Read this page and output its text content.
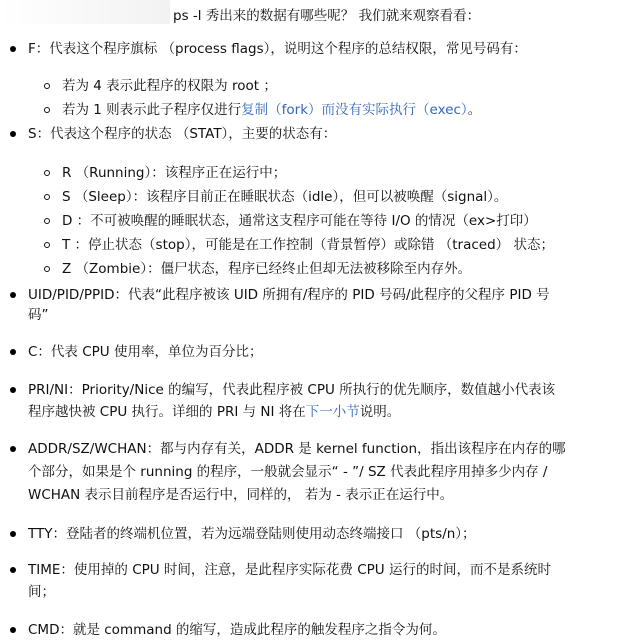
ps -l 秀出来的数据有哪些呢？ 我们就来观察看看：
F：代表这个程序旗标 （process flags），说明这个程序的总结权限，常见号码有：
若为 4 表示此程序的权限为 root ；
若为 1 则表示此子程序仅进行复制（fork）而没有实际执行（exec）。
S：代表这个程序的状态 （STAT），主要的状态有：
R （Running）：该程序正在运行中；
S （Sleep）：该程序目前正在睡眠状态（idle），但可以被唤醒（signal）。
D ：不可被唤醒的睡眠状态，通常这支程序可能在等待 I/O 的情况（ex>打印）
T ：停止状态（stop），可能是在工作控制（背景暂停）或除错 （traced） 状态；
Z （Zombie）：僵尸状态，程序已经终止但却无法被移除至内存外。
UID/PID/PPID：代表“此程序被该 UID 所拥有/程序的 PID 号码/此程序的父程序 PID 号
码”
C：代表 CPU 使用率，单位为百分比；
PRI/NI：Priority/Nice 的编写，代表此程序被 CPU 所执行的优先顺序，数值越小代表该
程序越快被 CPU 执行。详细的 PRI 与 NI 将在下一小节说明。
ADDR/SZ/WCHAN：都与内存有关，ADDR 是 kernel function，指出该程序在内存的哪
个部分，如果是个 running 的程序，一般就会显示“ - ”/ SZ 代表此程序用掉多少内存 /
WCHAN 表示目前程序是否运行中，同样的， 若为 - 表示正在运行中。
TTY：登陆者的终端机位置，若为远端登陆则使用动态终端接口 （pts/n）；
TIME：使用掉的 CPU 时间，注意，是此程序实际花费 CPU 运行的时间，而不是系统时
间；
CMD：就是 command 的缩写，造成此程序的触发程序之指令为何。
